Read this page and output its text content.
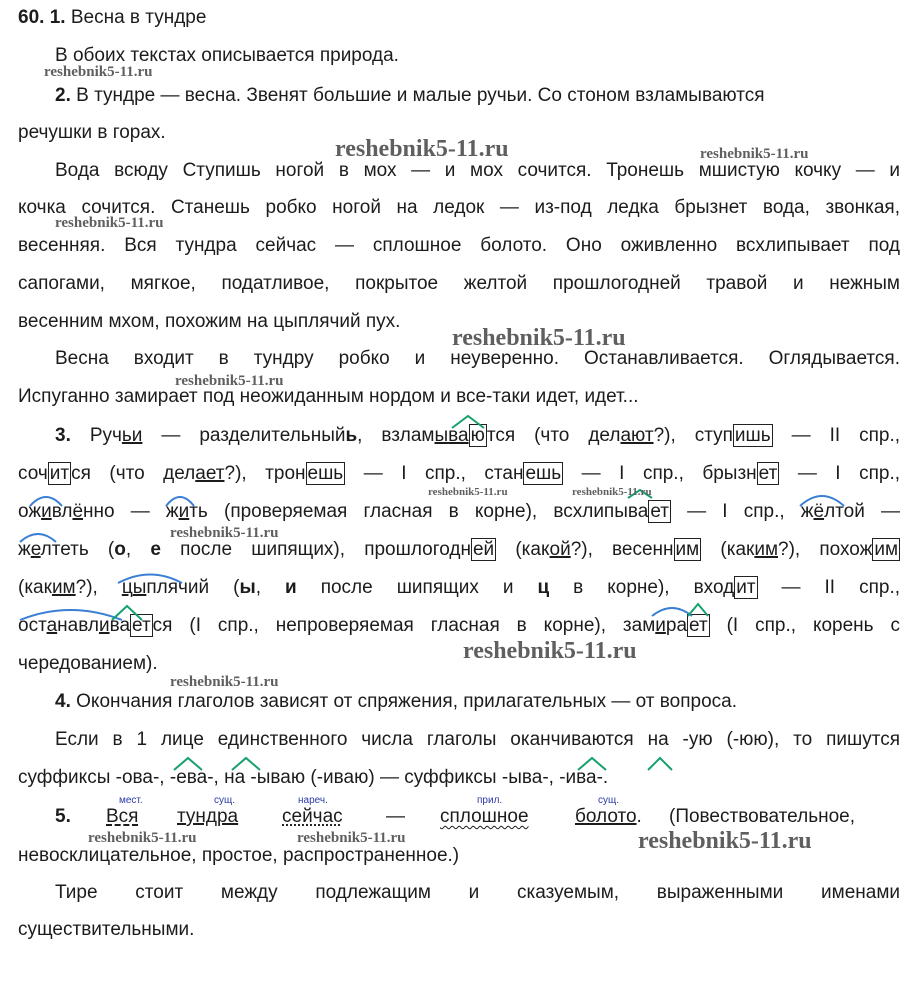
60. 1. Весна в тундре
В обоих текстах описывается природа.
2. В тундре — весна. Звенят большие и малые ручьи. Со стоном взламываются
речушки в горах.
Вода всюду Ступишь ногой в мох — и мох сочится. Тронешь мшистую кочку — и
кочка сочится. Станешь робко ногой на ледок — из-под ледка брызнет вода, звонкая,
весенняя. Вся тундра сейчас — сплошное болото. Оно оживленно всхлипывает под
сапогами, мягкое, податливое, покрытое желтой прошлогодней травой и нежным
весенним мхом, похожим на цыплячий пух.
Весна входит в тундру робко и неуверенно. Останавливается. Оглядывается.
Испуганно замирает под неожиданным нордом и все-таки идет, идет...
3. Ручьи — разделительныйь, взламыва ю тся (что делают?), ступ ишь — II спр.,
соч ит ся (что делает?), трон ешь — I спр., стан ешь — I спр., брызн ет — I спр.,
оживлённо — жить (проверяемая гласная в корне), всхлипыва ет — I спр., жёлтой —
желтеть (о, е после шипящих), прошлогодн ей (какой?), весенн им (каким?), похож им
(каким?), цыплячий (ы, и после шипящих и ц в корне), вход ит — II спр.,
останавлива ет ся (I спр., непроверяемая гласная в корне), замира ет (I спр., корень с
чередованием).
4. Окончания глаголов зависят от спряжения, прилагательных — от вопроса.
Если в 1 лице единственного числа глаголы оканчиваются на -ую (-юю), то пишутся
суффиксы -ова-, -ева-, на -ываю (-иваю) — суффиксы -ыва-, -ива-.
5.
мест.
Вся
сущ.
тундра
нареч.
сейчас —
прил.
сплошное
сущ.
болото. (Повествовательное,
невосклицательное, простое, распространенное.)
Тире стоит между подлежащим и сказуемым, выраженными именами
существительными.
reshebnik5-11.ru
reshebnik5-11.ru	reshebnik5-11.ru
reshebnik5-11.ru
reshebnik5-11.ru
reshebnik5-11.ru
reshebnik5-11.ru	reshebnik5-11.ru
reshebnik5-11.ru
reshebnik5-11.ru
reshebnik5-11.ru
reshebnik5-11.ru	reshebnik5-11.ru	reshebnik5-11.ru
